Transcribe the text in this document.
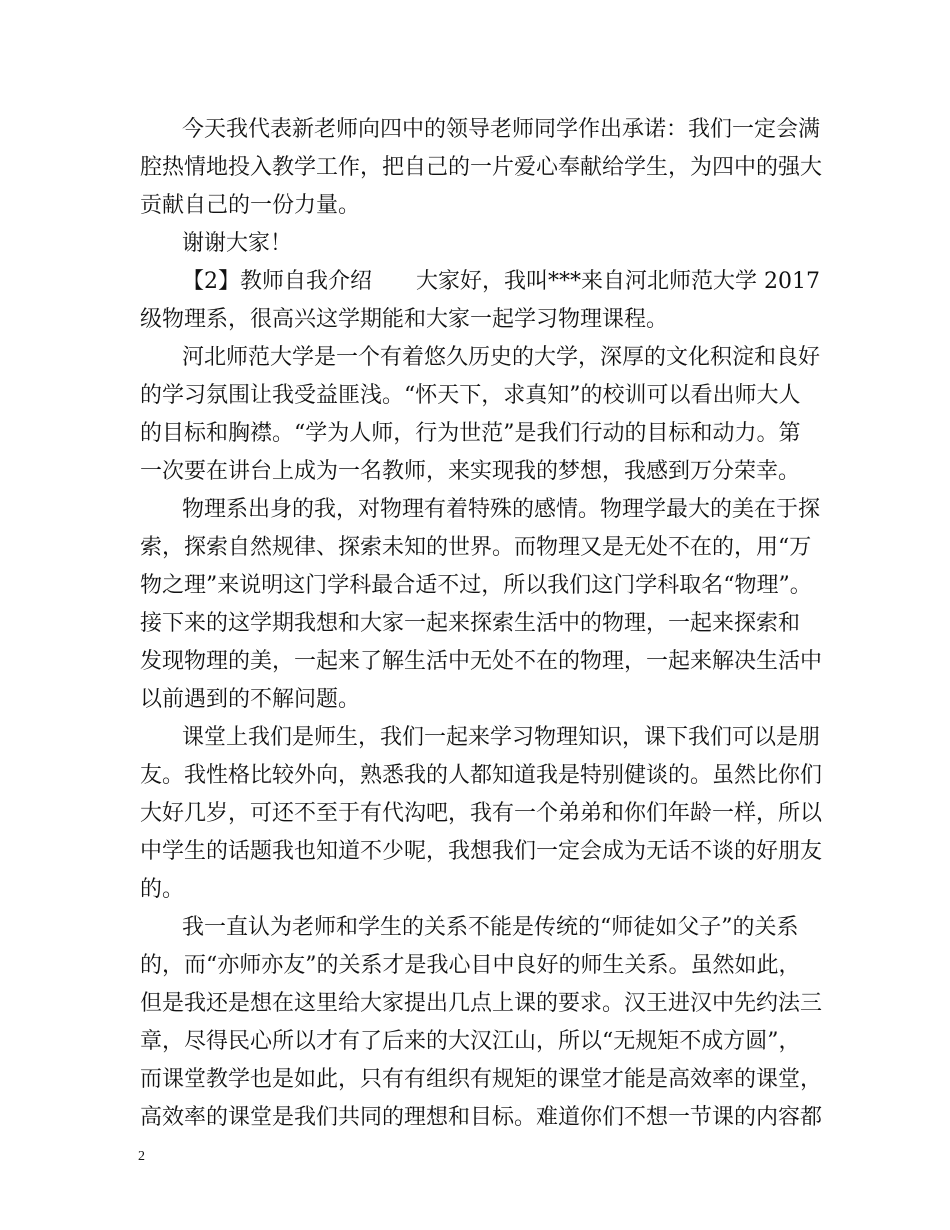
今天我代表新老师向四中的领导老师同学作出承诺：我们一定会满
腔热情地投入教学工作，把自己的一片爱心奉献给学生，为四中的强大
贡献自己的一份力量。
谢谢大家！
【2】教师自我介绍　　大家好，我叫***来自河北师范大学 2017
级物理系，很高兴这学期能和大家一起学习物理课程。
河北师范大学是一个有着悠久历史的大学，深厚的文化积淀和良好
的学习氛围让我受益匪浅。“怀天下，求真知”的校训可以看出师大人
的目标和胸襟。“学为人师，行为世范”是我们行动的目标和动力。第
一次要在讲台上成为一名教师，来实现我的梦想，我感到万分荣幸。
物理系出身的我，对物理有着特殊的感情。物理学最大的美在于探
索，探索自然规律、探索未知的世界。而物理又是无处不在的，用“万
物之理”来说明这门学科最合适不过，所以我们这门学科取名“物理”。
接下来的这学期我想和大家一起来探索生活中的物理，一起来探索和
发现物理的美，一起来了解生活中无处不在的物理，一起来解决生活中
以前遇到的不解问题。
课堂上我们是师生，我们一起来学习物理知识，课下我们可以是朋
友。我性格比较外向，熟悉我的人都知道我是特别健谈的。虽然比你们
大好几岁，可还不至于有代沟吧，我有一个弟弟和你们年龄一样，所以
中学生的话题我也知道不少呢，我想我们一定会成为无话不谈的好朋友
的。
我一直认为老师和学生的关系不能是传统的“师徒如父子”的关系
的，而“亦师亦友”的关系才是我心目中良好的师生关系。虽然如此，
但是我还是想在这里给大家提出几点上课的要求。汉王进汉中先约法三
章，尽得民心所以才有了后来的大汉江山，所以“无规矩不成方圆”，
而课堂教学也是如此，只有有组织有规矩的课堂才能是高效率的课堂，
高效率的课堂是我们共同的理想和目标。难道你们不想一节课的内容都
2
